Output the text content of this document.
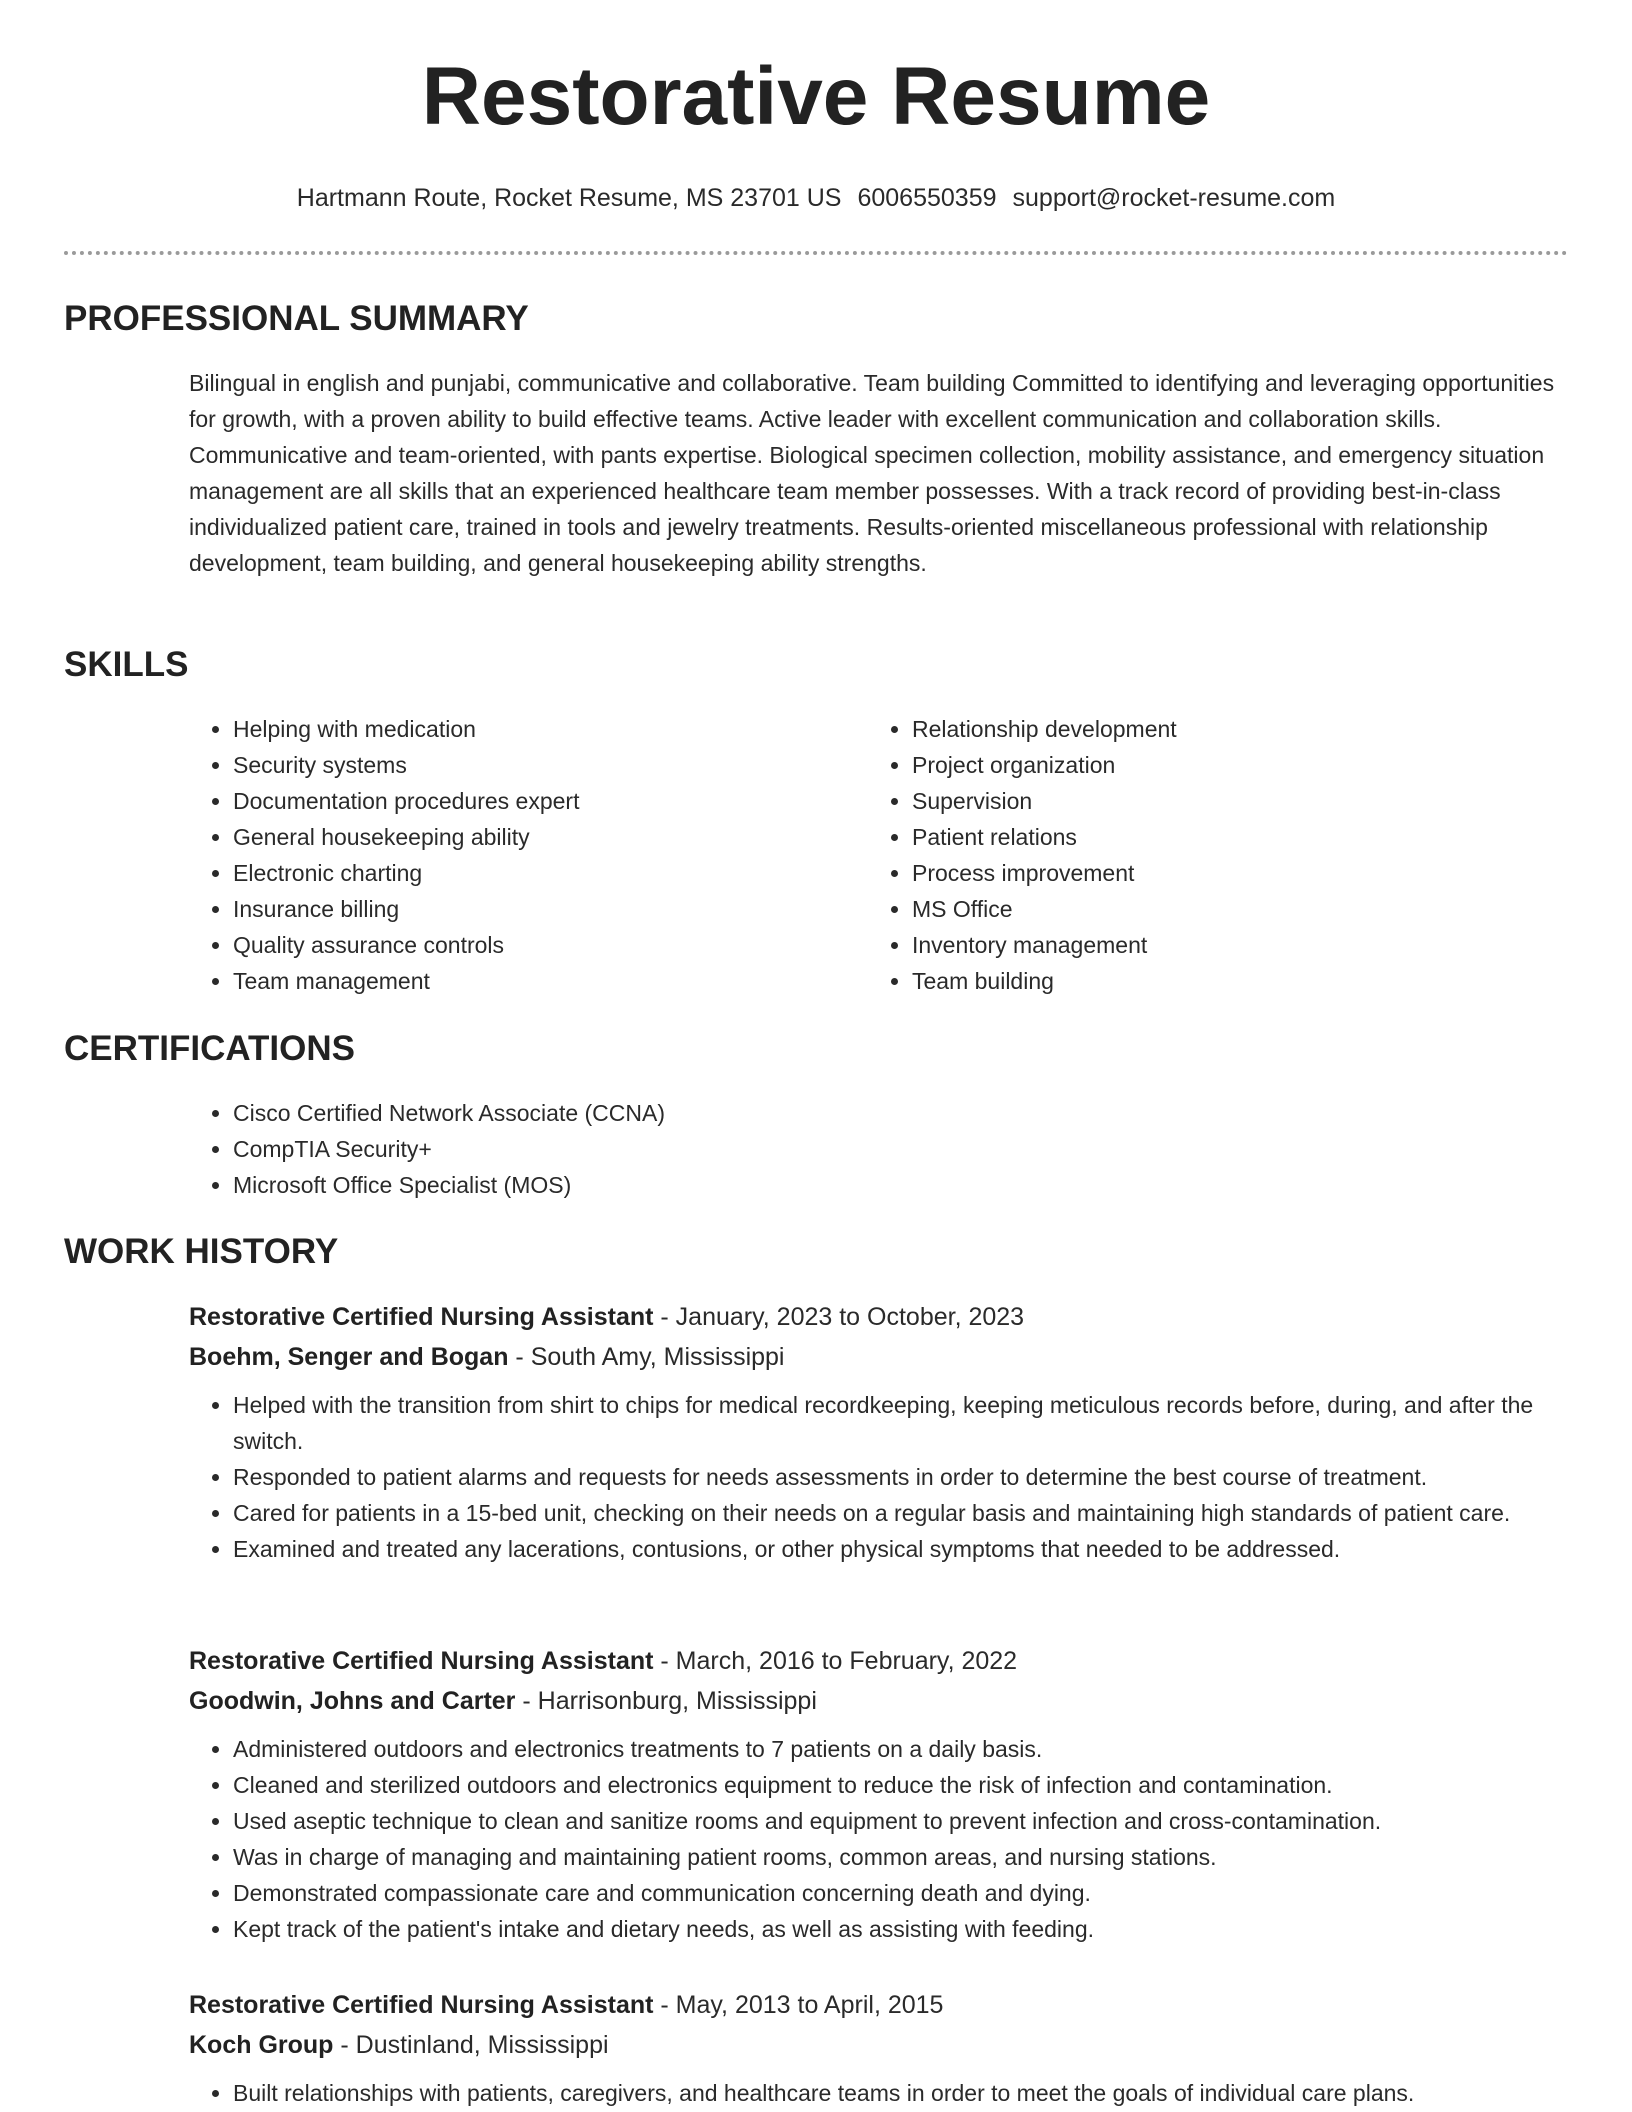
Restorative Resume
Hartmann Route, Rocket Resume, MS 23701 US 6006550359 support@rocket-resume.com
PROFESSIONAL SUMMARY

Bilingual in english and punjabi, communicative and collaborative. Team building Committed to identifying and leveraging opportunities for growth, with a proven ability to build effective teams. Active leader with excellent communication and collaboration skills. Communicative and team-oriented, with pants expertise. Biological specimen collection, mobility assistance, and emergency situation management are all skills that an experienced healthcare team member possesses. With a track record of providing best-in-class individualized patient care, trained in tools and jewelry treatments. Results-oriented miscellaneous professional with relationship development, team building, and general housekeeping ability strengths.

SKILLS
• Helping with medication
• Security systems
• Documentation procedures expert
• General housekeeping ability
• Electronic charting
• Insurance billing
• Quality assurance controls
• Team management
• Relationship development
• Project organization
• Supervision
• Patient relations
• Process improvement
• MS Office
• Inventory management
• Team building
CERTIFICATIONS
• Cisco Certified Network Associate (CCNA)
• CompTIA Security+
• Microsoft Office Specialist (MOS)
WORK HISTORY
Restorative Certified Nursing Assistant - January, 2023 to October, 2023
Boehm, Senger and Bogan - South Amy, Mississippi
• Helped with the transition from shirt to chips for medical recordkeeping, keeping meticulous records before, during, and after the switch.
• Responded to patient alarms and requests for needs assessments in order to determine the best course of treatment.
• Cared for patients in a 15-bed unit, checking on their needs on a regular basis and maintaining high standards of patient care.
• Examined and treated any lacerations, contusions, or other physical symptoms that needed to be addressed.
Restorative Certified Nursing Assistant - March, 2016 to February, 2022
Goodwin, Johns and Carter - Harrisonburg, Mississippi
• Administered outdoors and electronics treatments to 7 patients on a daily basis.
• Cleaned and sterilized outdoors and electronics equipment to reduce the risk of infection and contamination.
• Used aseptic technique to clean and sanitize rooms and equipment to prevent infection and cross-contamination.
• Was in charge of managing and maintaining patient rooms, common areas, and nursing stations.
• Demonstrated compassionate care and communication concerning death and dying.
• Kept track of the patient's intake and dietary needs, as well as assisting with feeding.
Restorative Certified Nursing Assistant - May, 2013 to April, 2015
Koch Group - Dustinland, Mississippi
• Built relationships with patients, caregivers, and healthcare teams in order to meet the goals of individual care plans.
